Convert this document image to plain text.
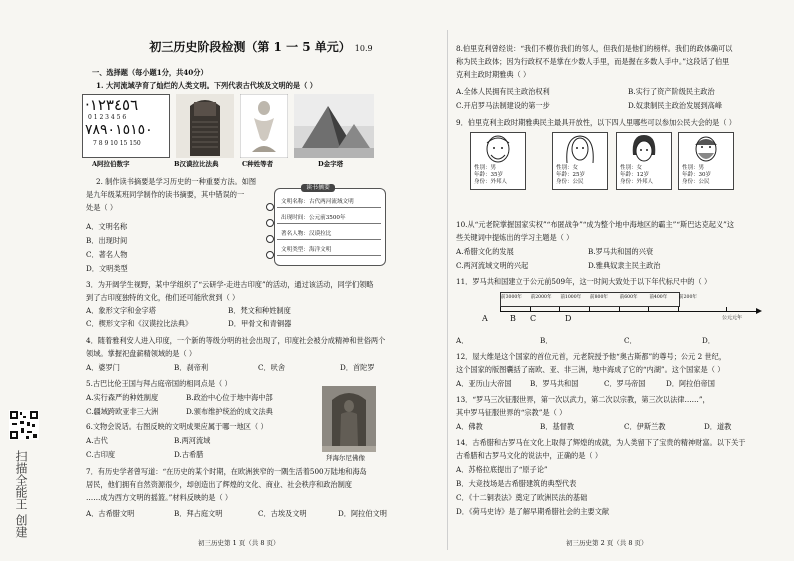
扫描全能王 创建
初三历史阶段检测（第 1 一 5 单元） 10.9
一、选择题（每小题1分，共40分）
1. 大河流域孕育了灿烂的人类文明。下列代表古代埃及文明的是（ ）
·١٢٣٤٥٦
0 1 2 3 4 5 6
٧٨٩٠١٥١٥٠
7 8 9 10 15 150
A阿拉伯数字	B汉谟拉比法典	C种姓等者	D金字塔
2. 制作读书摘要是学习历史的一种重要方法。如图
是九年级某班同学制作的读书摘要，其中错误的一
处是（ ）
A．文明名称
B．出现时间
C．著名人物
D．文明类型
读书摘要
文明名称：古代两河流域文明
出现时间：公元前3500年
著名人物：汉谟拉比
文明类型：海洋文明
3．为开阔学生视野，某中学组织了“云研学-走进古印度”的活动，通过该活动，同学们领略
到了古印度独特的文化，他们还可能欣赏到（ ）
A．象形文字和金字塔	B．梵文和种姓制度
C．楔形文字和《汉谟拉比法典》	D．甲骨文和青铜器
4．随着雅利安人进入印度，一个新的等级分明的社会出现了，印度社会被分成精神和世俗两个
领域。掌握祀盘薪精领域的是（ ）
A．婆罗门	B．刹帝利	C．吠舍	D．首陀罗
5.古巴比伦王国与拜占庭帝国的相同点是（ ）
A.实行森严的种姓制度	B.政治中心位于地中海中部
C.疆域跨欧亚非三大洲	D.颁布维护统治的成文法典
6.文物会说话。右图反映的文明成果应属于哪一地区（ ）
A.古代	B.两河流域
C.古印度	D.古希腊	拜海尔尼佛像
7．有历史学者曾写道：“在历史的某个时期，在欧洲狭窄的一隅生活着500万陆地和海岛
居民，他们拥有自然资源很少，却创造出了辉煌的文化、商业、社会秩序和政治制度
……成为西方文明的摇篮。”材料反映的是（ ）
A．古希腊文明	B．拜占庭文明	C．古埃及文明	D．阿拉伯文明
初三历史第 1 页（共 8 页）
8.伯里克利曾经说：“我们不模仿我们的邻人，但我们是他们的榜样。我们的政体确可以
称为民主政体；因为行政权不是掌在少数人手里，而是握在多数人手中。”这段话了伯里
克利主政时期雅典（ ）
A.全体人民拥有民主政治权利	B.实行了资产阶级民主政治
C.开启罗马法制建设的第一步	D.奴隶制民主政治发展到高峰
9．伯里克利主政时期雅典民主最具开放性，以下四人里哪些可以参加公民大会的是（ ）
性别：男
年龄：35岁
身份：外邦人
性别：女
年龄：25岁
身份：公民
性别：女
年龄：12岁
身份：外邦人
性别：男
年龄：30岁
身份：公民
10.从“元老院掌握国家实权”“布匿战争”“成为整个地中海地区的霸主”“斯巴达克起义”这
些关键词中提炼出的学习主题是（ ）
A.希腊文化的发展	B.罗马共和国的兴衰
C.两河流域文明的兴起	D.雅典奴隶主民主政治
11．罗马共和国建立于公元前509年，这一时间大致处于以下年代标尺中的（ ）
前3000年 前2000年 前1000年 前800年	前600年	前400年	前200年
公元元年
A	B C	D
A．	B．	C．	D．
12．屋大维是这个国家的首位元首，元老院授予他“奥古斯都”的尊号；公元 2 世纪，
这个国家的版图囊括了南欧、亚、非三洲，地中海成了它的“内湖”。这个国家是（ ）
A．亚历山大帝国	B．罗马共和国	C．罗马帝国	D．阿拉伯帝国
13．“罗马三次征服世界，第一次以武力，第二次以宗教，第三次以法律……”，
其中罗马征服世界的“宗教”是（ ）
A．佛教	B．基督教	C．伊斯兰教	D．道教
14．古希腊和古罗马在文化上取得了辉煌的成就，为人类留下了宝贵的精神财富。以下关于
古希腊和古罗马文化的说法中，正确的是（ ）
A．苏格拉底提出了“原子论”
B．大竞技场是古希腊建筑的典型代表
C．《十二铜表法》奠定了欧洲民法的基础
D．《荷马史诗》是了解早期希腊社会的主要文献
初三历史第 2 页（共 8 页）
